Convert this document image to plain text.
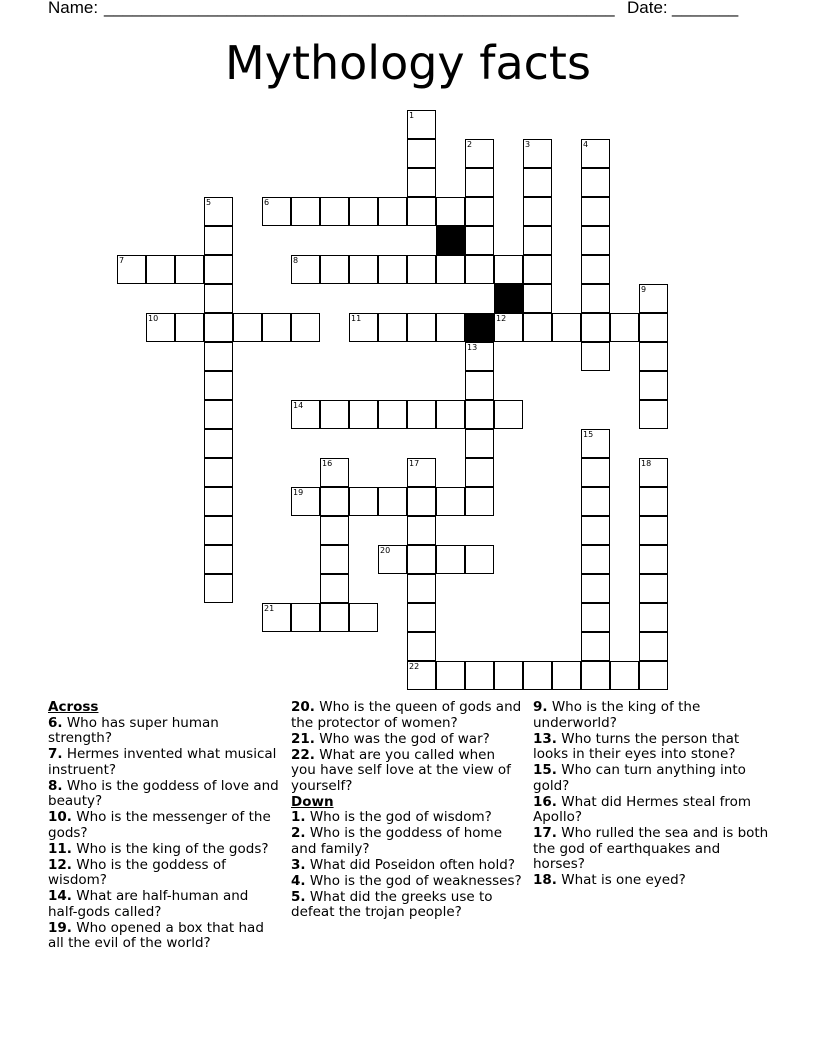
Name: ______________________________________________________ Date: _______
Mythology facts
1
2	3	4
5
9
13
15
16	17
22
18
6
7	8
10	11	12
14
19
20
21
Across
6. Who has super human strength?
7. Hermes invented what musical instruent?
8. Who is the goddess of love and beauty?
10. Who is the messenger of the gods?
11. Who is the king of the gods?
12. Who is the goddess of wisdom?
14. What are half-human and half-gods called?
19. Who opened a box that had all the evil of the world?
20. Who is the queen of gods and the protector of women?
21. Who was the god of war?
22. What are you called when you have self love at the view of yourself?
Down
1. Who is the god of wisdom?
2. Who is the goddess of home and family?
3. What did Poseidon often hold?
4. Who is the god of weaknesses?
5. What did the greeks use to defeat the trojan people?
9. Who is the king of the underworld?
13. Who turns the person that looks in their eyes into stone?
15. Who can turn anything into gold?
16. What did Hermes steal from Apollo?
17. Who rulled the sea and is both the god of earthquakes and horses?
18. What is one eyed?
